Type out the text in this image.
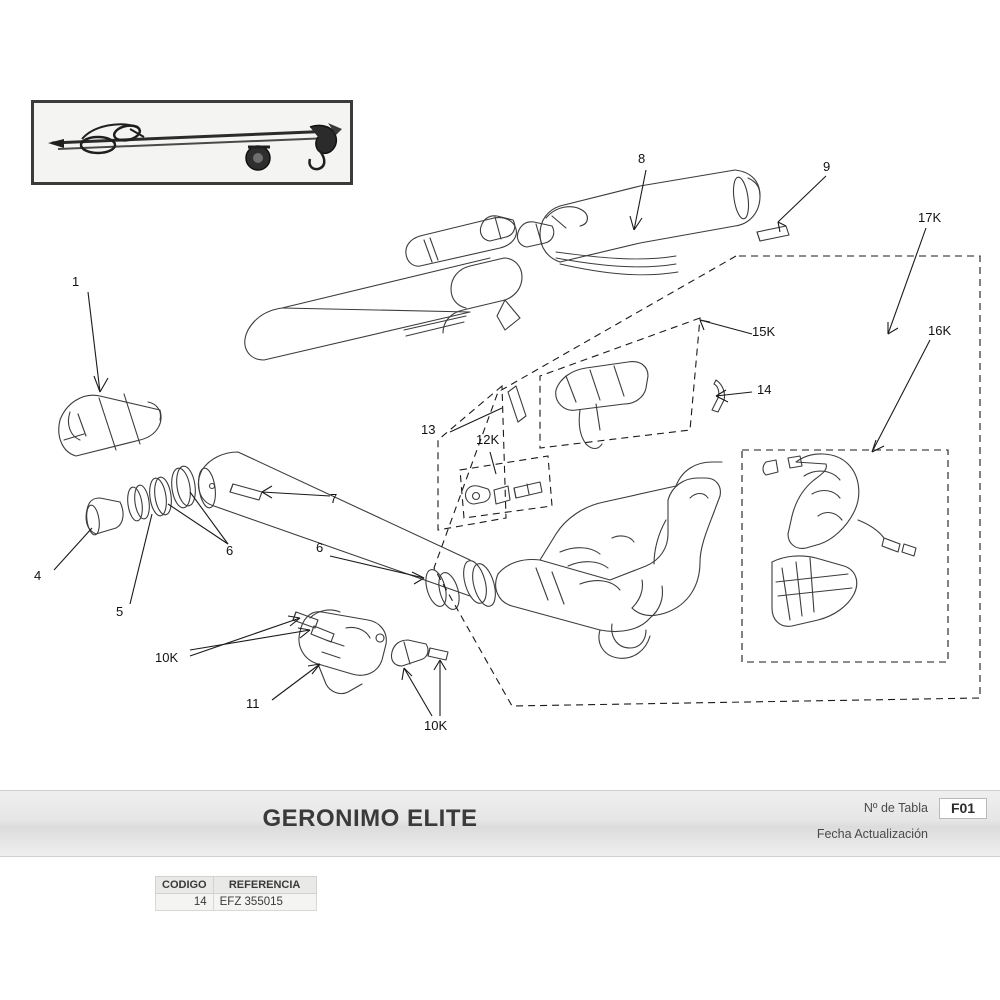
1
4
5
6
7
8
9
6
10K
11
10K
12K
13
14
15K	16K
17K
GERONIMO ELITE	Nº de Tabla	F01
Fecha Actualización
CODIGO	REFERENCIA
14	EFZ 355015
